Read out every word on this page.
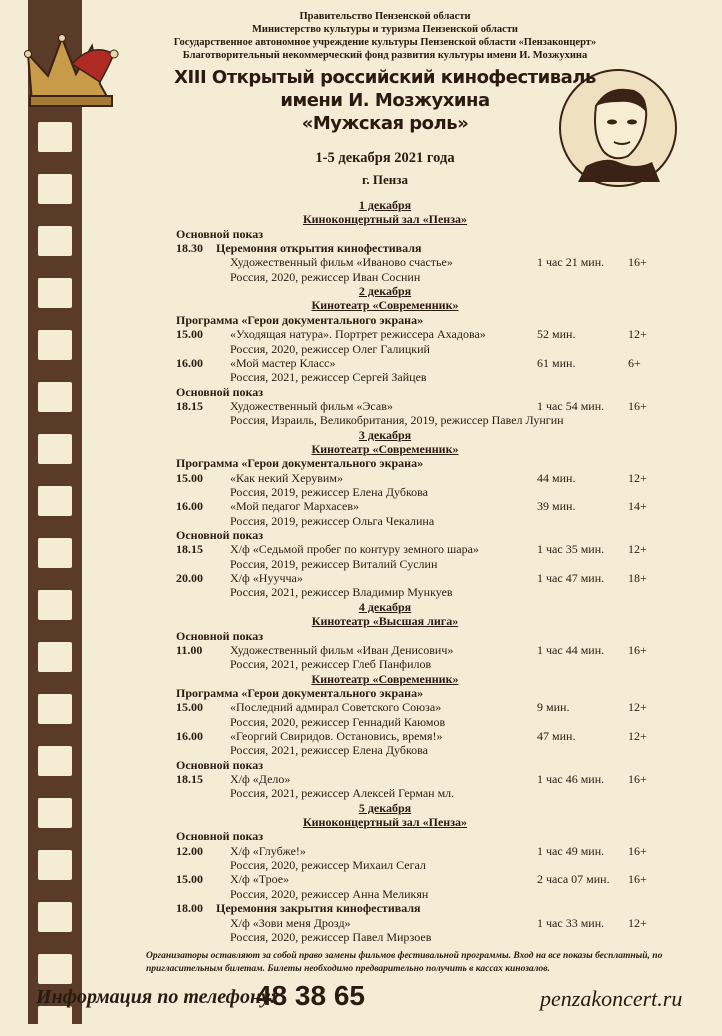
Правительство Пензенской области
Министерство культуры и туризма Пензенской области
Государственное автономное учреждение культуры Пензенской области «Пензаконцерт»
Благотворительный некоммерческий фонд развития культуры имени И. Мозжухина
XIII Открытый российский кинофестиваль
имени И. Мозжухина
«Мужская роль»
1-5 декабря 2021 года
г. Пенза
1 декабря
Киноконцертный зал «Пенза»
Основной показ
18.30 Церемония открытия кинофестиваля
Художественный фильм «Иваново счастье»	1 час 21 мин. 16+
Россия, 2020, режиссер Иван Соснин
2 декабря
Кинотеатр «Современник»
Программа «Герои документального экрана»
15.00 «Уходящая натура». Портрет режиссера Ахадова»	52 мин.	12+
Россия, 2020, режиссер Олег Галицкий
16.00 «Мой мастер Класс»	61 мин.	6+
Россия, 2021, режиссер Сергей Зайцев
Основной показ
18.15 Художественный фильм «Эсав»	1 час 54 мин. 16+
Россия, Израиль, Великобритания, 2019, режиссер Павел Лунгин
3 декабря
Кинотеатр «Современник»
Программа «Герои документального экрана»
15.00 «Как некий Херувим»	44 мин.	12+
Россия, 2019, режиссер Елена Дубкова
16.00 «Мой педагог Мархасев»	39 мин.	14+
Россия, 2019, режиссер Ольга Чекалина
Основной показ
18.15 Х/ф «Седьмой пробег по контуру земного шара»	1 час 35 мин. 12+
Россия, 2019, режиссер Виталий Суслин
20.00 Х/ф «Нуучча»	1 час 47 мин. 18+
Россия, 2021, режиссер Владимир Мункуев
4 декабря
Кинотеатр «Высшая лига»
Основной показ
11.00 Художественный фильм «Иван Денисович»	1 час 44 мин. 16+
Россия, 2021, режиссер Глеб Панфилов
Кинотеатр «Современник»
Программа «Герои документального экрана»
15.00 «Последний адмирал Советского Союза»	9 мин.	12+
Россия, 2020, режиссер Геннадий Каюмов
16.00 «Георгий Свиридов. Остановись, время!»	47 мин.	12+
Россия, 2021, режиссер Елена Дубкова
Основной показ
18.15 Х/ф «Дело»	1 час 46 мин. 16+
Россия, 2021, режиссер Алексей Герман мл.
5 декабря
Киноконцертный зал «Пенза»
Основной показ
12.00 Х/ф «Глубже!»	1 час 49 мин. 16+
Россия, 2020, режиссер Михаил Сегал
15.00 Х/ф «Трое»	2 часа 07 мин. 16+
Россия, 2020, режиссер Анна Меликян
18.00 Церемония закрытия кинофестиваля
Х/ф «Зови меня Дрозд»	1 час 33 мин. 12+
Россия, 2020, режиссер Павел Мирзоев
Организаторы оставляют за собой право замены фильмов фестивальной программы. Вход на все показы бесплатный, по пригласительным билетам. Билеты необходимо предварительно получить в кассах кинозалов.
Информация по телефону:
48 38 65	penzakoncert.ru
